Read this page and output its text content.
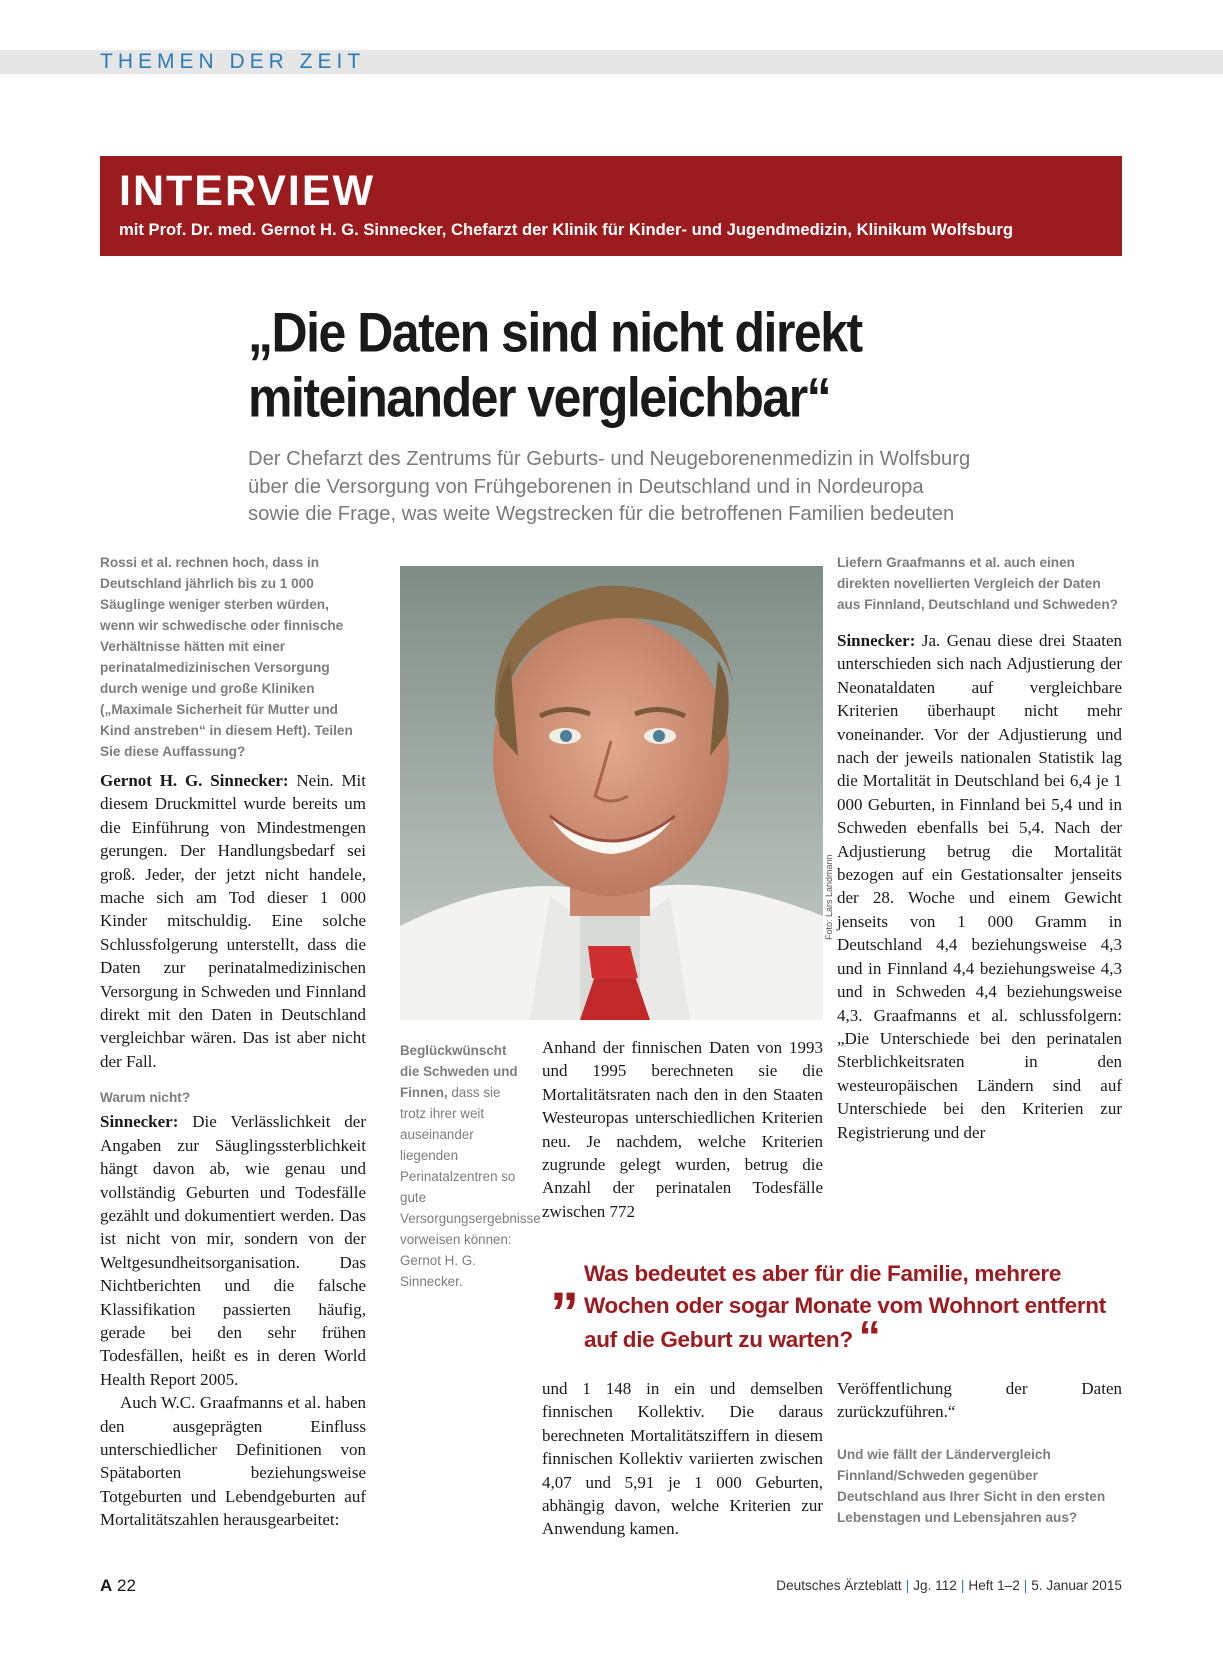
THEMEN DER ZEIT
INTERVIEW
mit Prof. Dr. med. Gernot H. G. Sinnecker, Chefarzt der Klinik für Kinder- und Jugendmedizin, Klinikum Wolfsburg
„Die Daten sind nicht direkt
miteinander vergleichbar“
Der Chefarzt des Zentrums für Geburts- und Neugeborenenmedizin in Wolfsburg
über die Versorgung von Frühgeborenen in Deutschland und in Nordeuropa
sowie die Frage, was weite Wegstrecken für die betroffenen Familien bedeuten

Rossi et al. rechnen hoch, dass in Deutschland jährlich bis zu 1 000 Säuglinge weniger sterben würden, wenn wir schwedische oder finnische Verhältnisse hätten mit einer perinatalmedizinischen Versorgung durch wenige und große Kliniken („Maximale Sicherheit für Mutter und Kind anstreben“ in diesem Heft). Teilen Sie diese Auffassung?

Gernot H. G. Sinnecker: Nein. Mit diesem Druckmittel wurde bereits um die Einführung von Mindestmengen gerungen. Der Handlungsbedarf sei groß. Jeder, der jetzt nicht handele, mache sich am Tod dieser 1 000 Kinder mitschuldig. Eine solche Schlussfolgerung unterstellt, dass die Daten zur perinatalmedizinischen Versorgung in Schweden und Finnland direkt mit den Daten in Deutschland vergleichbar wären. Das ist aber nicht der Fall.

Warum nicht?

Sinnecker: Die Verlässlichkeit der Angaben zur Säuglingssterblichkeit hängt davon ab, wie genau und vollständig Geburten und Todesfälle gezählt und dokumentiert werden. Das ist nicht von mir, sondern von der Weltgesundheitsorganisation. Das Nichtberichten und die falsche Klassifikation passierten häufig, gerade bei den sehr frühen Todesfällen, heißt es in deren World Health Report 2005.

Auch W.C. Graafmanns et al. haben den ausgeprägten Einfluss unterschiedlicher Definitionen von Spätaborten beziehungsweise Totgeburten und Lebendgeburten auf Mortalitätszahlen herausgearbeitet:

Foto: Lars Landmann
Beglückwünscht die Schweden und Finnen, dass sie trotz ihrer weit auseinander liegenden Perinatalzentren so gute Versorgungsergebnisse vorweisen können: Gernot H. G. Sinnecker.

Anhand der finnischen Daten von 1993 und 1995 berechneten sie die Mortalitätsraten nach den in den Staaten Westeuropas unterschiedlichen Kriterien neu. Je nachdem, welche Kriterien zugrunde gelegt wurden, betrug die Anzahl der perinatalen Todesfälle zwischen 772

und 1 148 in ein und demselben finnischen Kollektiv. Die daraus berechneten Mortalitätsziffern in diesem finnischen Kollektiv variierten zwischen 4,07 und 5,91 je 1 000 Geburten, abhängig davon, welche Kriterien zur Anwendung kamen.

Liefern Graafmanns et al. auch einen direkten novellierten Vergleich der Daten aus Finnland, Deutschland und Schweden?

Sinnecker: Ja. Genau diese drei Staaten unterschieden sich nach Adjustierung der Neonataldaten auf vergleichbare Kriterien überhaupt nicht mehr voneinander. Vor der Adjustierung und nach der jeweils nationalen Statistik lag die Mortalität in Deutschland bei 6,4 je 1 000 Geburten, in Finnland bei 5,4 und in Schweden ebenfalls bei 5,4. Nach der Adjustierung betrug die Mortalität bezogen auf ein Gestationsalter jenseits der 28. Woche und einem Gewicht jenseits von 1 000 Gramm in Deutschland 4,4 beziehungsweise 4,3 und in Finnland 4,4 beziehungsweise 4,3 und in Schweden 4,4 beziehungsweise 4,3. Graafmanns et al. schlussfolgern: „Die Unterschiede bei den perinatalen Sterblichkeitsraten in den westeuropäischen Ländern sind auf Unterschiede bei den Kriterien zur Registrierung und der

Veröffentlichung der Daten zurückzuführen.“

Und wie fällt der Ländervergleich Finnland/Schweden gegenüber Deutschland aus Ihrer Sicht in den ersten Lebenstagen und Lebensjahren aus?

„ Was bedeutet es aber für die Familie, mehrere Wochen oder sogar Monate vom Wohnort entfernt auf die Geburt zu warten? “
A 22	Deutsches Ärzteblatt | Jg. 112 | Heft 1–2 | 5. Januar 2015
